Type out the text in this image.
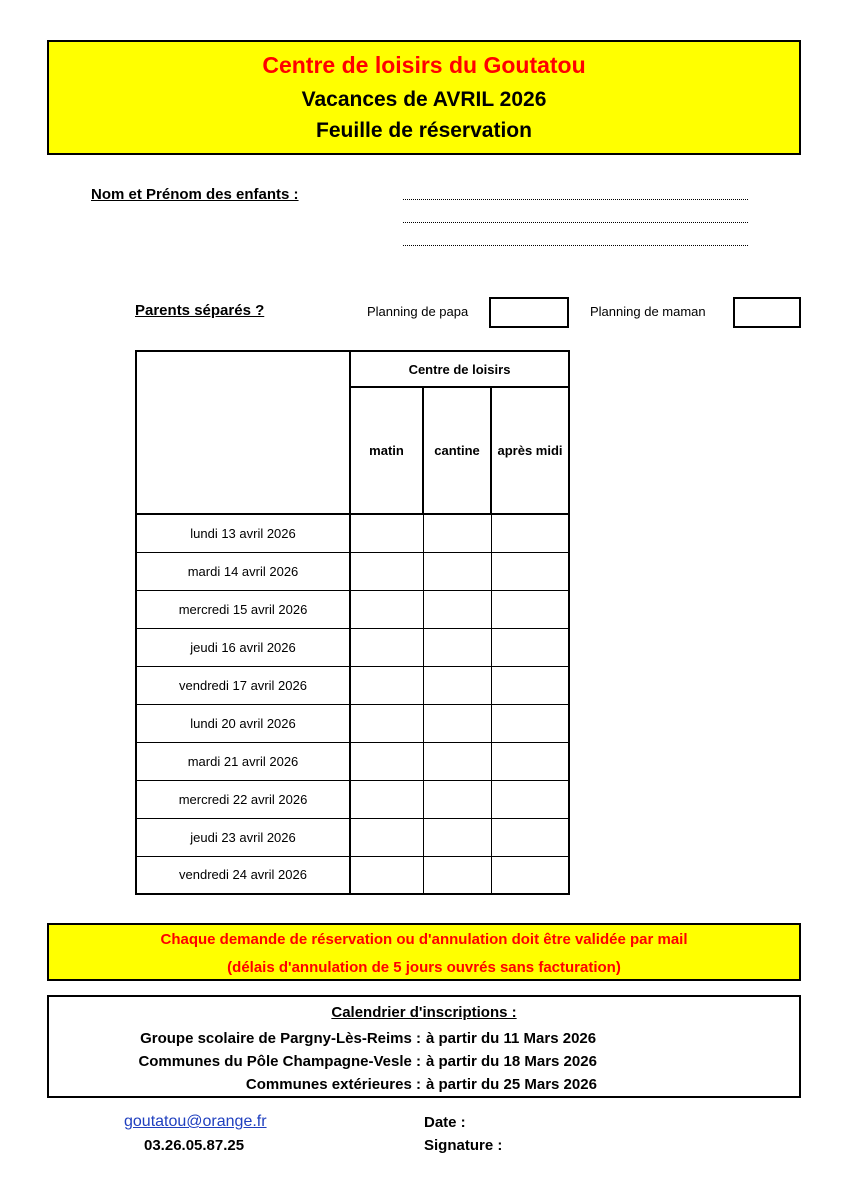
Centre de loisirs du Goutatou
Vacances de AVRIL 2026
Feuille de réservation
Nom et Prénom des enfants :
Parents séparés ?	Planning de papa	Planning de maman
	Centre de loisirs		
	matin	cantine	après midi
lundi 13 avril 2026			
mardi 14 avril 2026			
mercredi 15 avril 2026			
jeudi 16 avril 2026			
vendredi 17 avril 2026			
lundi 20 avril 2026			
mardi 21 avril 2026			
mercredi 22 avril 2026			
jeudi 23 avril 2026			
vendredi 24 avril 2026			
Chaque demande de réservation ou d'annulation doit être validée par mail
(délais d'annulation de 5 jours ouvrés sans facturation)
Calendrier d'inscriptions :
Groupe scolaire de Pargny-Lès-Reims : à partir du 11 Mars 2026
Communes du Pôle Champagne-Vesle : à partir du 18 Mars 2026
Communes extérieures : à partir du 25 Mars 2026
goutatou@orange.fr
03.26.05.87.25
Date :
Signature :
